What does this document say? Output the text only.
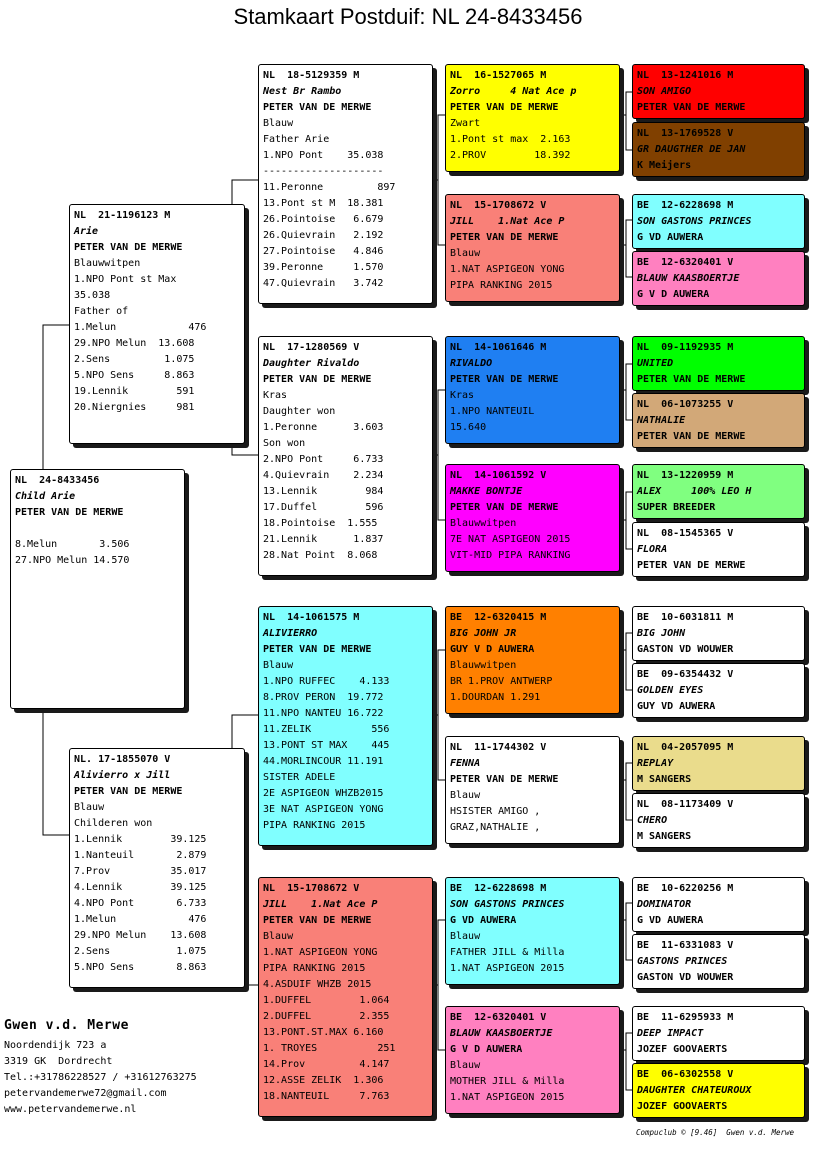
Stamkaart Postduif: NL 24-8433456
NL  24-8433456
Child Arie
PETER VAN DE MERWE
8.Melun       3.506
27.NPO Melun 14.570
NL  21-1196123 M
Arie
PETER VAN DE MERWE
Blauwwitpen
1.NPO Pont st Max
35.038
Father of
1.Melun            476
29.NPO Melun  13.608
2.Sens         1.075
5.NPO Sens     8.863
19.Lennik        591
20.Niergnies     981
NL. 17-1855070 V
Alivierro x Jill
PETER VAN DE MERWE
Blauw
Childeren won
1.Lennik        39.125
1.Nanteuil       2.879
7.Prov          35.017
4.Lennik        39.125
4.NPO Pont       6.733
1.Melun            476
29.NPO Melun    13.608
2.Sens           1.075
5.NPO Sens       8.863
NL  18-5129359 M
Nest Br Rambo
PETER VAN DE MERWE
Blauw
Father Arie
1.NPO Pont    35.038
--------------------
11.Peronne         897
13.Pont st M  18.381
26.Pointoise   6.679
26.Quievrain   2.192
27.Pointoise   4.846
39.Peronne     1.570
47.Quievrain   3.742
NL  17-1280569 V
Daughter Rivaldo
PETER VAN DE MERWE
Kras
Daughter won
1.Peronne      3.603
Son won
2.NPO Pont     6.733
4.Quievrain    2.234
13.Lennik        984
17.Duffel        596
18.Pointoise  1.555
21.Lennik      1.837
28.Nat Point  8.068
NL  14-1061575 M
ALIVIERRO
PETER VAN DE MERWE
Blauw
1.NPO RUFFEC    4.133
8.PROV PERON  19.772
11.NPO NANTEU 16.722
11.ZELIK          556
13.PONT ST MAX    445
44.MORLINCOUR 11.191
SISTER ADELE
2E ASPIGEON WHZB2015
3E NAT ASPIGEON YONG
PIPA RANKING 2015
NL  15-1708672 V
JILL    1.Nat Ace P
PETER VAN DE MERWE
Blauw
1.NAT ASPIGEON YONG
PIPA RANKING 2015
4.ASDUIF WHZB 2015
1.DUFFEL        1.064
2.DUFFEL        2.355
13.PONT.ST.MAX 6.160
1. TROYES          251
14.Prov         4.147
12.ASSE ZELIK  1.306
18.NANTEUIL     7.763
NL  16-1527065 M
Zorro     4 Nat Ace p
PETER VAN DE MERWE
Zwart
1.Pont st max  2.163
2.PROV        18.392
NL  15-1708672 V
JILL    1.Nat Ace P
PETER VAN DE MERWE
Blauw
1.NAT ASPIGEON YONG
PIPA RANKING 2015
NL  14-1061646 M
RIVALDO
PETER VAN DE MERWE
Kras
1.NPO NANTEUIL
15.640
NL  14-1061592 V
MAKKE BONTJE
PETER VAN DE MERWE
Blauwwitpen
7E NAT ASPIGEON 2015
VIT-MID PIPA RANKING
BE  12-6320415 M
BIG JOHN JR
GUY V D AUWERA
Blauwwitpen
BR 1.PROV ANTWERP
1.DOURDAN 1.291
NL  11-1744302 V
FENNA
PETER VAN DE MERWE
Blauw
HSISTER AMIGO ,
GRAZ,NATHALIE ,
BE  12-6228698 M
SON GASTONS PRINCES
G VD AUWERA
Blauw
FATHER JILL & Milla
1.NAT ASPIGEON 2015
BE  12-6320401 V
BLAUW KAASBOERTJE
G V D AUWERA
Blauw
MOTHER JILL & Milla
1.NAT ASPIGEON 2015
NL  13-1241016 M
SON AMIGO
PETER VAN DE MERWE
NL  13-1769528 V
GR DAUGTHER DE JAN
K Meijers
BE  12-6228698 M
SON GASTONS PRINCES
G VD AUWERA
BE  12-6320401 V
BLAUW KAASBOERTJE
G V D AUWERA
NL  09-1192935 M
UNITED
PETER VAN DE MERWE
NL  06-1073255 V
NATHALIE
PETER VAN DE MERWE
NL  13-1220959 M
ALEX     100% LEO H
SUPER BREEDER
NL  08-1545365 V
FLORA
PETER VAN DE MERWE
BE  10-6031811 M
BIG JOHN
GASTON VD WOUWER
BE  09-6354432 V
GOLDEN EYES
GUY VD AUWERA
NL  04-2057095 M
REPLAY
M SANGERS
NL  08-1173409 V
CHERO
M SANGERS
BE  10-6220256 M
DOMINATOR
G VD AUWERA
BE  11-6331083 V
GASTONS PRINCES
GASTON VD WOUWER
BE  11-6295933 M
DEEP IMPACT
JOZEF GOOVAERTS
BE  06-6302558 V
DAUGHTER CHATEUROUX
JOZEF GOOVAERTS
Gwen v.d. Merwe
Noordendijk 723 a
3319 GK  Dordrecht
Tel.:+31786228527 / +31612763275
petervandemerwe72@gmail.com
www.petervandemerwe.nl
Compuclub © [9.46]  Gwen v.d. Merwe
